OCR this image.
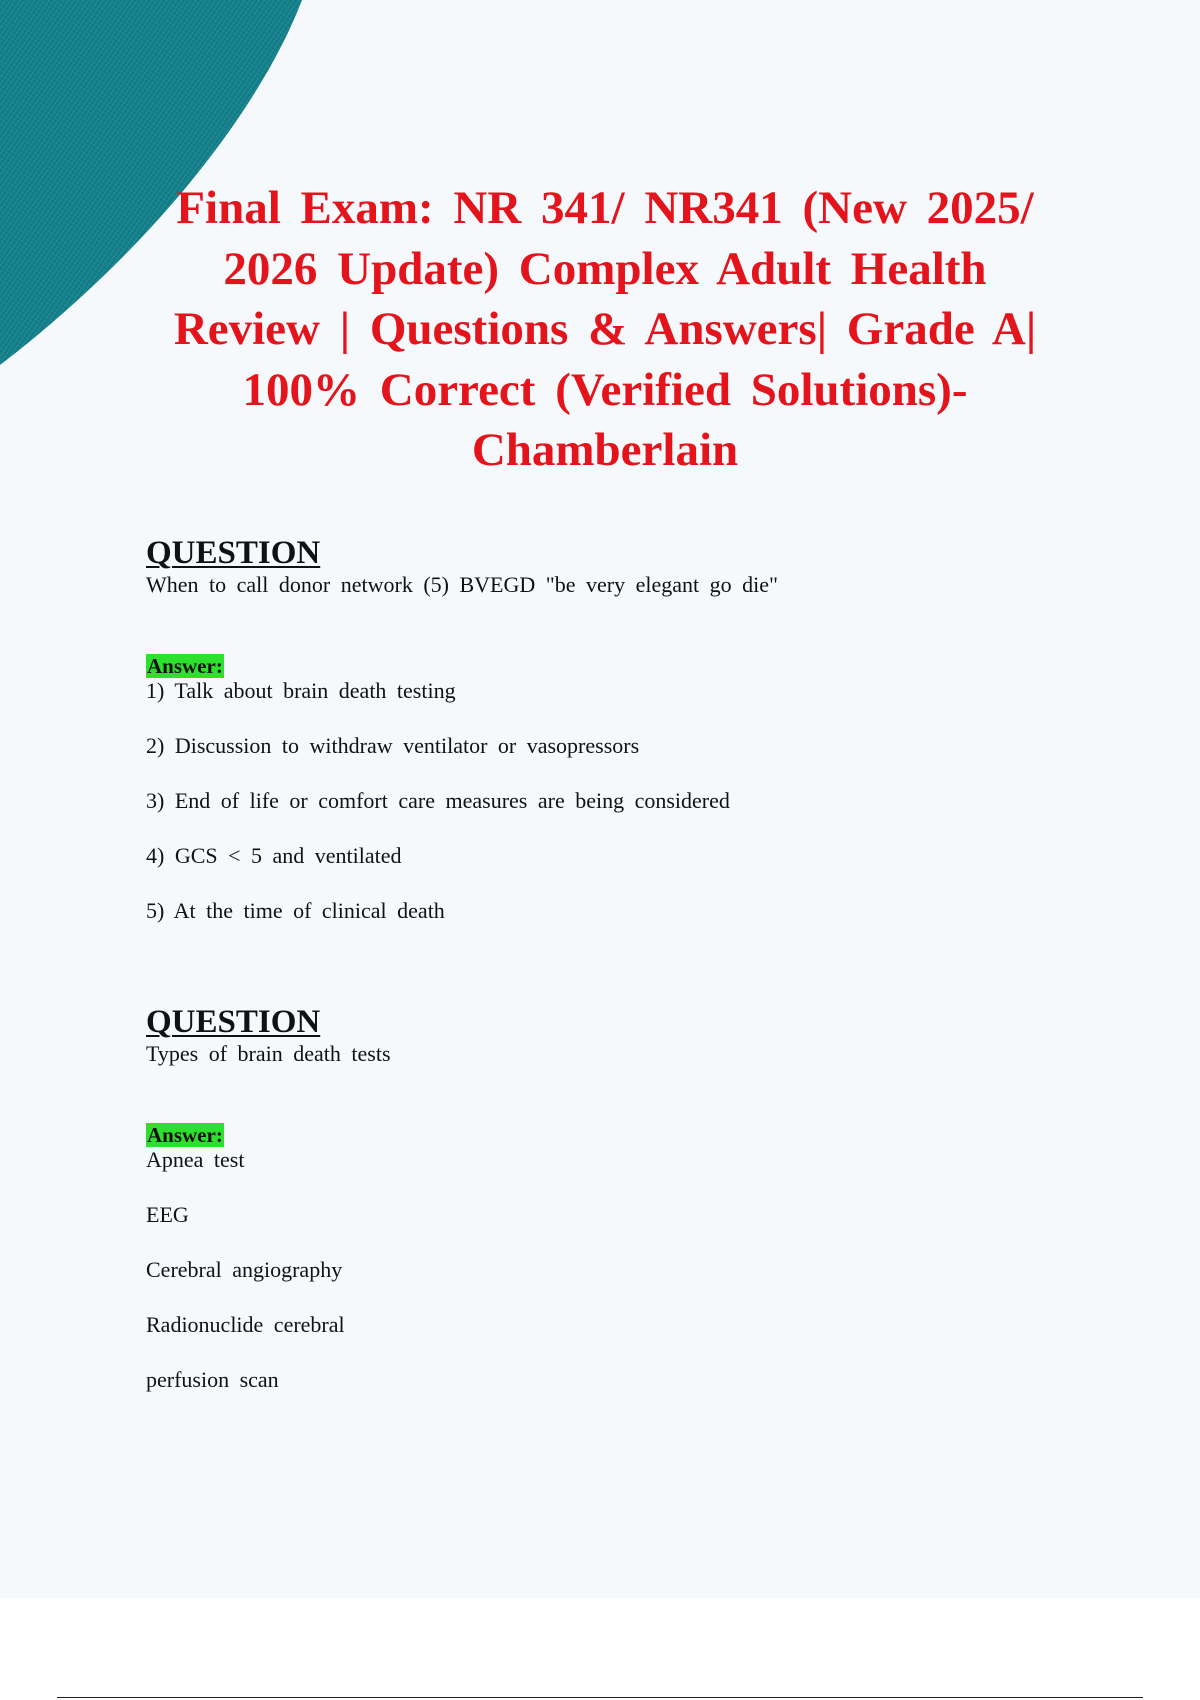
Final Exam: NR 341/ NR341 (New 2025/ 2026 Update) Complex Adult Health Review | Questions & Answers| Grade A| 100% Correct (Verified Solutions)- Chamberlain
QUESTION

When to call donor network (5) BVEGD "be very elegant go die"

Answer:
1) Talk about brain death testing
2) Discussion to withdraw ventilator or vasopressors
3) End of life or comfort care measures are being considered
4) GCS < 5 and ventilated
5) At the time of clinical death
QUESTION

Types of brain death tests

Answer:
Apnea test
EEG
Cerebral angiography
Radionuclide cerebral
perfusion scan
